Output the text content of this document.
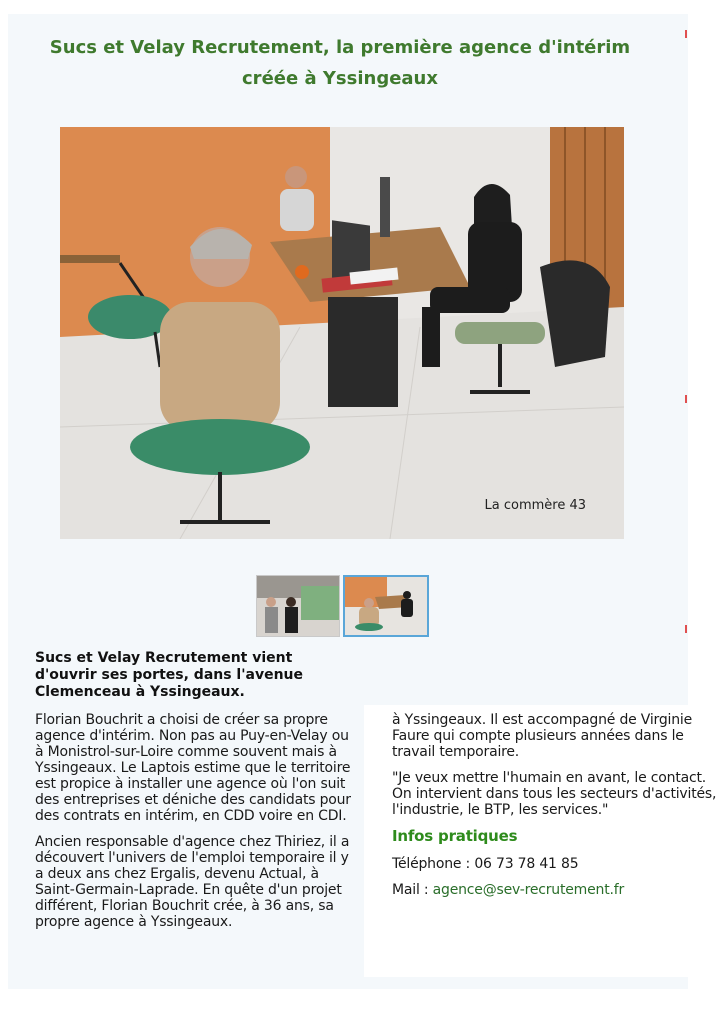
Sucs et Velay Recrutement, la première agence d'intérim
créée à Yssingeaux
La commère 43
Sucs et Velay Recrutement vient d'ouvrir ses portes, dans l'avenue Clemenceau à Yssingeaux.

Florian Bouchrit a choisi de créer sa propre agence d'intérim. Non pas au Puy-en-Velay ou à Monistrol-sur-Loire comme souvent mais à Yssingeaux. Le Laptois estime que le territoire est propice à installer une agence où l'on suit des entreprises et déniche des candidats pour des contrats en intérim, en CDD voire en CDI.

Ancien responsable d'agence chez Thiriez, il a découvert l'univers de l'emploi temporaire il y a deux ans chez Ergalis, devenu Actual, à Saint-Germain-Laprade. En quête d'un projet différent, Florian Bouchrit crée, à 36 ans, sa propre agence à Yssingeaux.

à Yssingeaux. Il est accompagné de Virginie Faure qui compte plusieurs années dans le travail temporaire.

"Je veux mettre l'humain en avant, le contact. On intervient dans tous les secteurs d'activités, l'industrie, le BTP, les services."

Infos pratiques
Téléphone : 06 73 78 41 85
Mail : agence@sev-recrutement.fr
